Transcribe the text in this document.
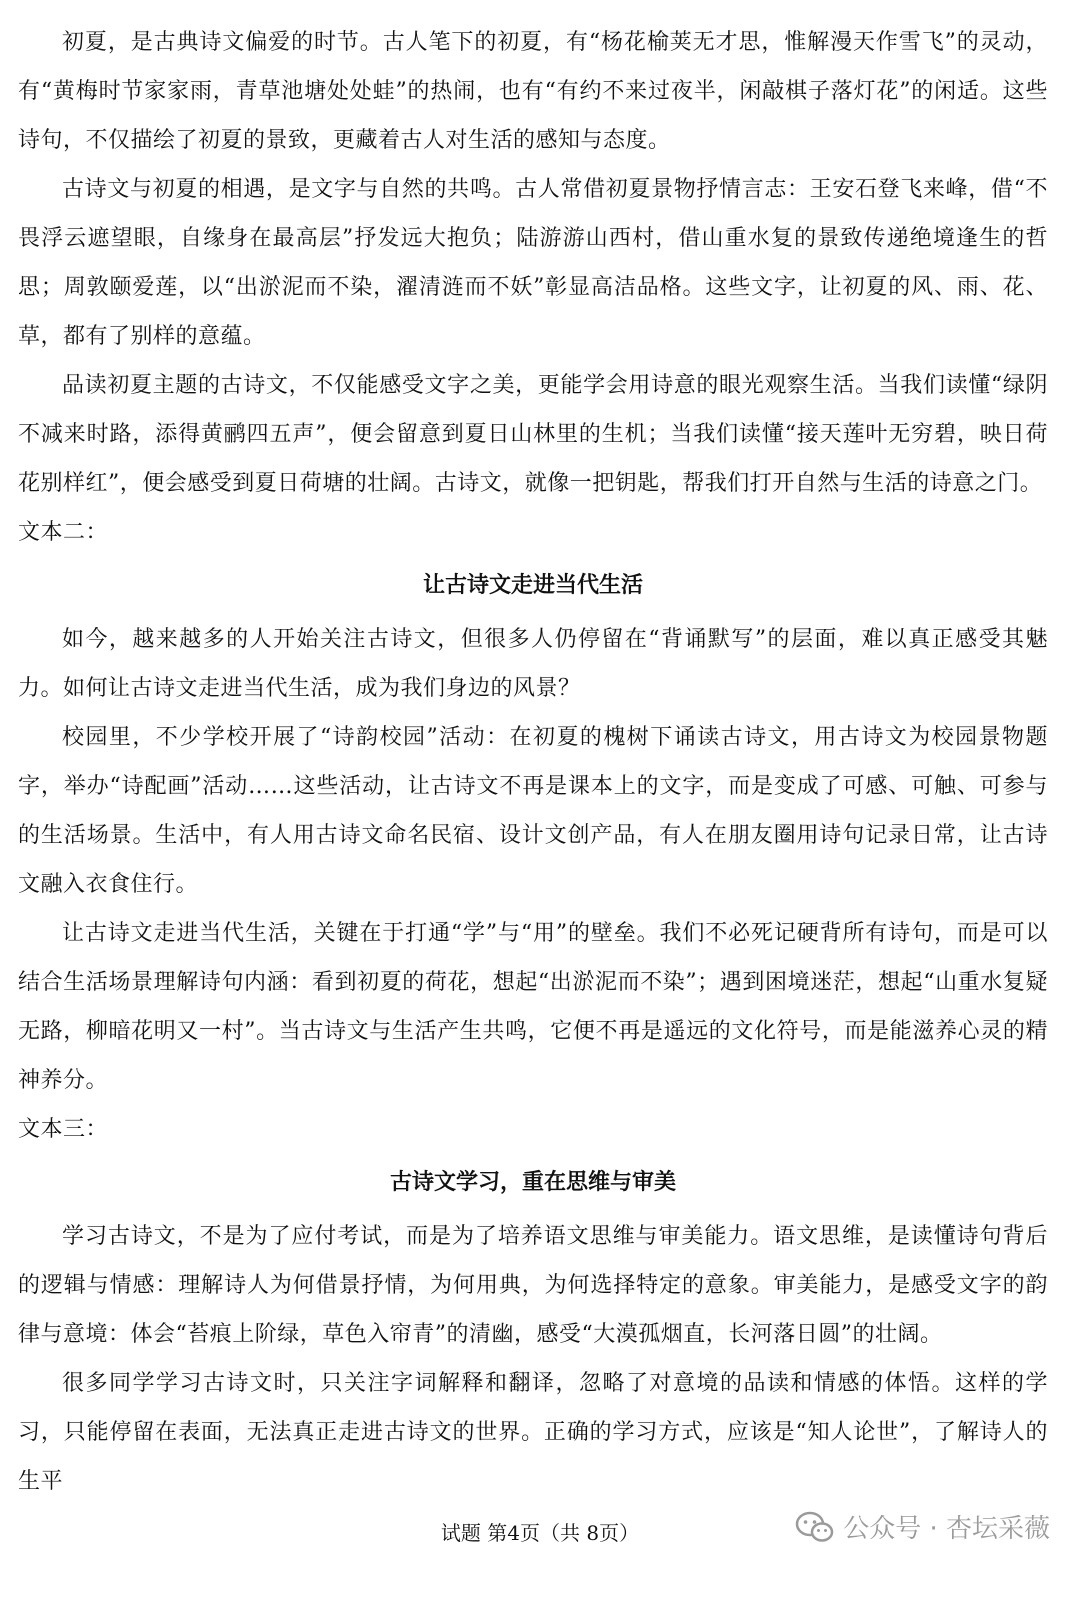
初夏，是古典诗文偏爱的时节。古人笔下的初夏，有“杨花榆荚无才思，惟解漫天作雪飞”的灵动，有“黄梅时节家家雨，青草池塘处处蛙”的热闹，也有“有约不来过夜半，闲敲棋子落灯花”的闲适。这些诗句，不仅描绘了初夏的景致，更藏着古人对生活的感知与态度。

古诗文与初夏的相遇，是文字与自然的共鸣。古人常借初夏景物抒情言志：王安石登飞来峰，借“不畏浮云遮望眼，自缘身在最高层”抒发远大抱负；陆游游山西村，借山重水复的景致传递绝境逢生的哲思；周敦颐爱莲，以“出淤泥而不染，濯清涟而不妖”彰显高洁品格。这些文字，让初夏的风、雨、花、草，都有了别样的意蕴。

品读初夏主题的古诗文，不仅能感受文字之美，更能学会用诗意的眼光观察生活。当我们读懂“绿阴不减来时路，添得黄鹂四五声”，便会留意到夏日山林里的生机；当我们读懂“接天莲叶无穷碧，映日荷花别样红”，便会感受到夏日荷塘的壮阔。古诗文，就像一把钥匙，帮我们打开自然与生活的诗意之门。

文本二：

让古诗文走进当代生活

如今，越来越多的人开始关注古诗文，但很多人仍停留在“背诵默写”的层面，难以真正感受其魅力。如何让古诗文走进当代生活，成为我们身边的风景？

校园里，不少学校开展了“诗韵校园”活动：在初夏的槐树下诵读古诗文，用古诗文为校园景物题字，举办“诗配画”活动……这些活动，让古诗文不再是课本上的文字，而是变成了可感、可触、可参与的生活场景。生活中，有人用古诗文命名民宿、设计文创产品，有人在朋友圈用诗句记录日常，让古诗文融入衣食住行。

让古诗文走进当代生活，关键在于打通“学”与“用”的壁垒。我们不必死记硬背所有诗句，而是可以结合生活场景理解诗句内涵：看到初夏的荷花，想起“出淤泥而不染”；遇到困境迷茫，想起“山重水复疑无路，柳暗花明又一村”。当古诗文与生活产生共鸣，它便不再是遥远的文化符号，而是能滋养心灵的精神养分。

文本三：

古诗文学习，重在思维与审美

学习古诗文，不是为了应付考试，而是为了培养语文思维与审美能力。语文思维，是读懂诗句背后的逻辑与情感：理解诗人为何借景抒情，为何用典，为何选择特定的意象。审美能力，是感受文字的韵律与意境：体会“苔痕上阶绿，草色入帘青”的清幽，感受“大漠孤烟直，长河落日圆”的壮阔。

很多同学学习古诗文时，只关注字词解释和翻译，忽略了对意境的品读和情感的体悟。这样的学习，只能停留在表面，无法真正走进古诗文的世界。正确的学习方式，应该是“知人论世”，了解诗人的生平

试题 第4页（共 8页）	公众号 · 杏坛采薇
